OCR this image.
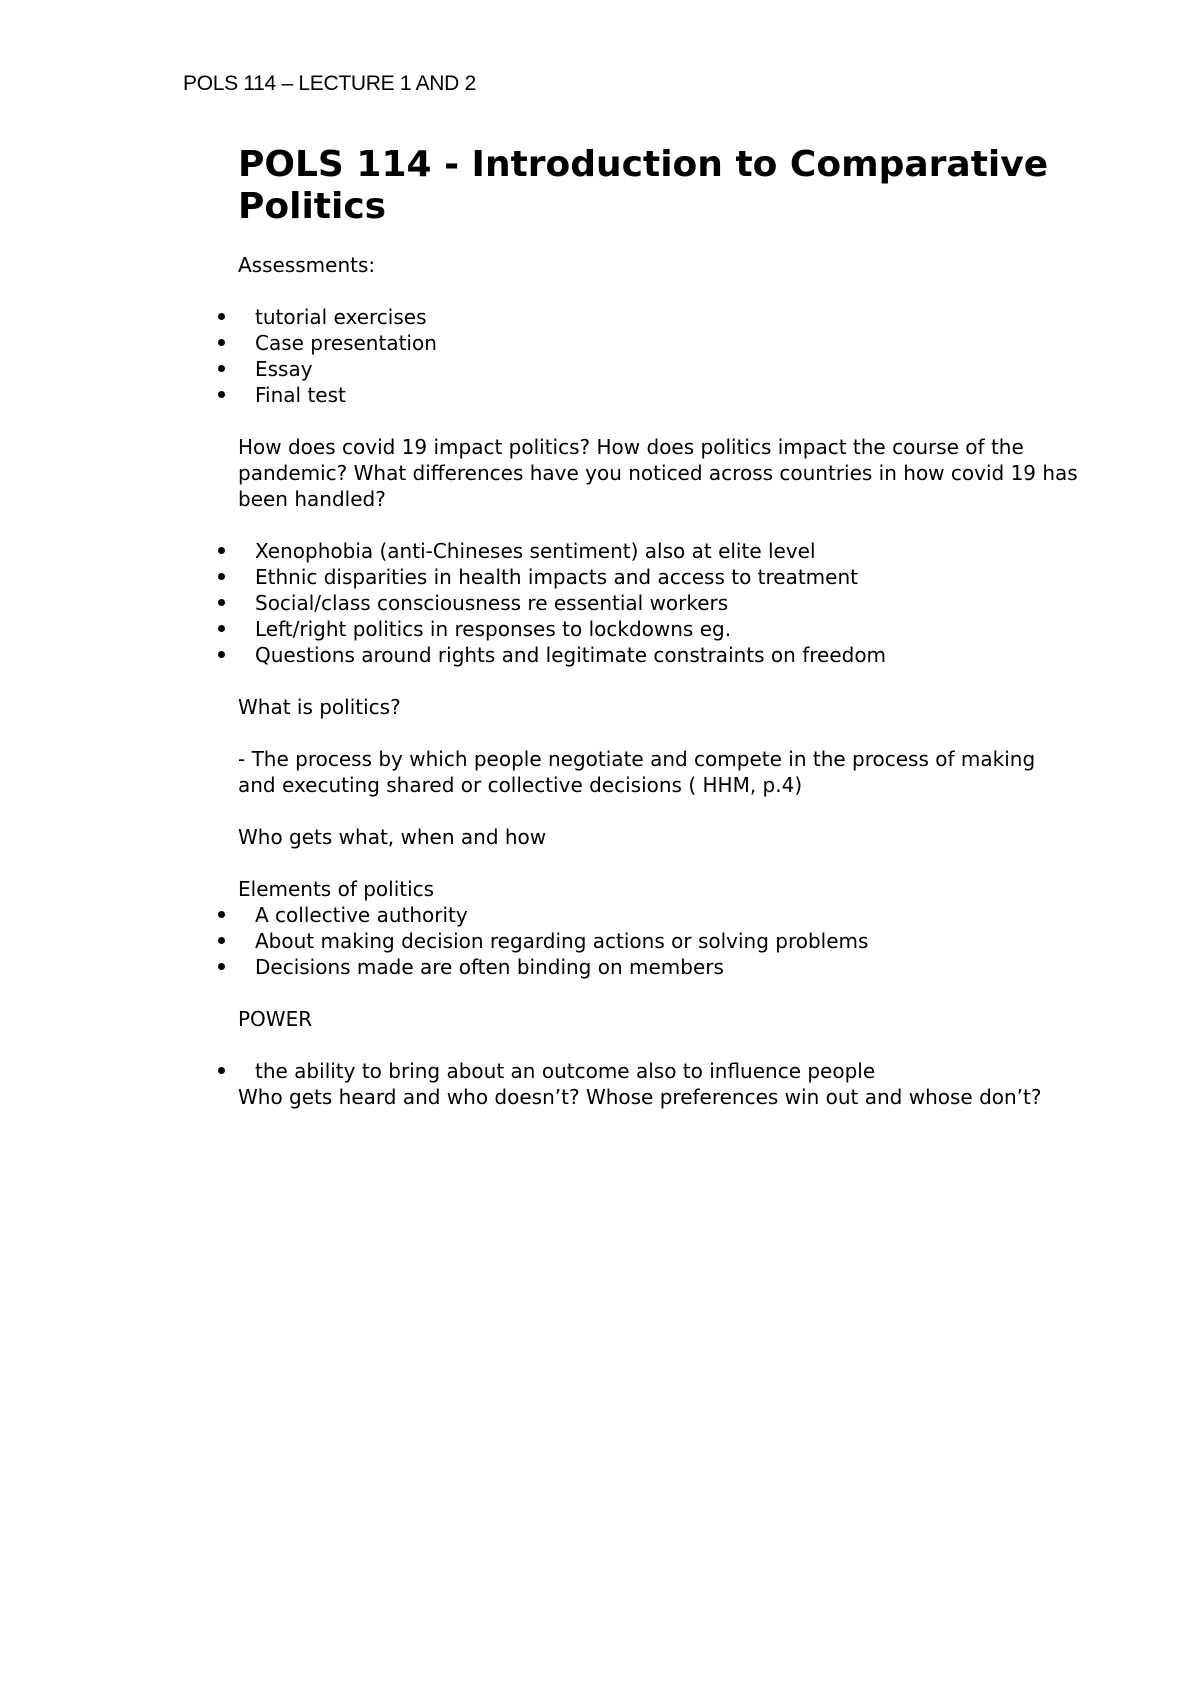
POLS 114 – LECTURE 1 AND 2
POLS 114 - Introduction to Comparative Politics
Assessments:
tutorial exercises
Case presentation
Essay
Final test
How does covid 19 impact politics? How does politics impact the course of the pandemic? What differences have you noticed across countries in how covid 19 has been handled?
Xenophobia (anti-Chineses sentiment) also at elite level
Ethnic disparities in health impacts and access to treatment
Social/class consciousness re essential workers
Left/right politics in responses to lockdowns eg.
Questions around rights and legitimate constraints on freedom
What is politics?
- The process by which people negotiate and compete in the process of making and executing shared or collective decisions ( HHM, p.4)
Who gets what, when and how
Elements of politics
A collective authority
About making decision regarding actions or solving problems
Decisions made are often binding on members
POWER
the ability to bring about an outcome also to influence people
Who gets heard and who doesn’t? Whose preferences win out and whose don’t?
